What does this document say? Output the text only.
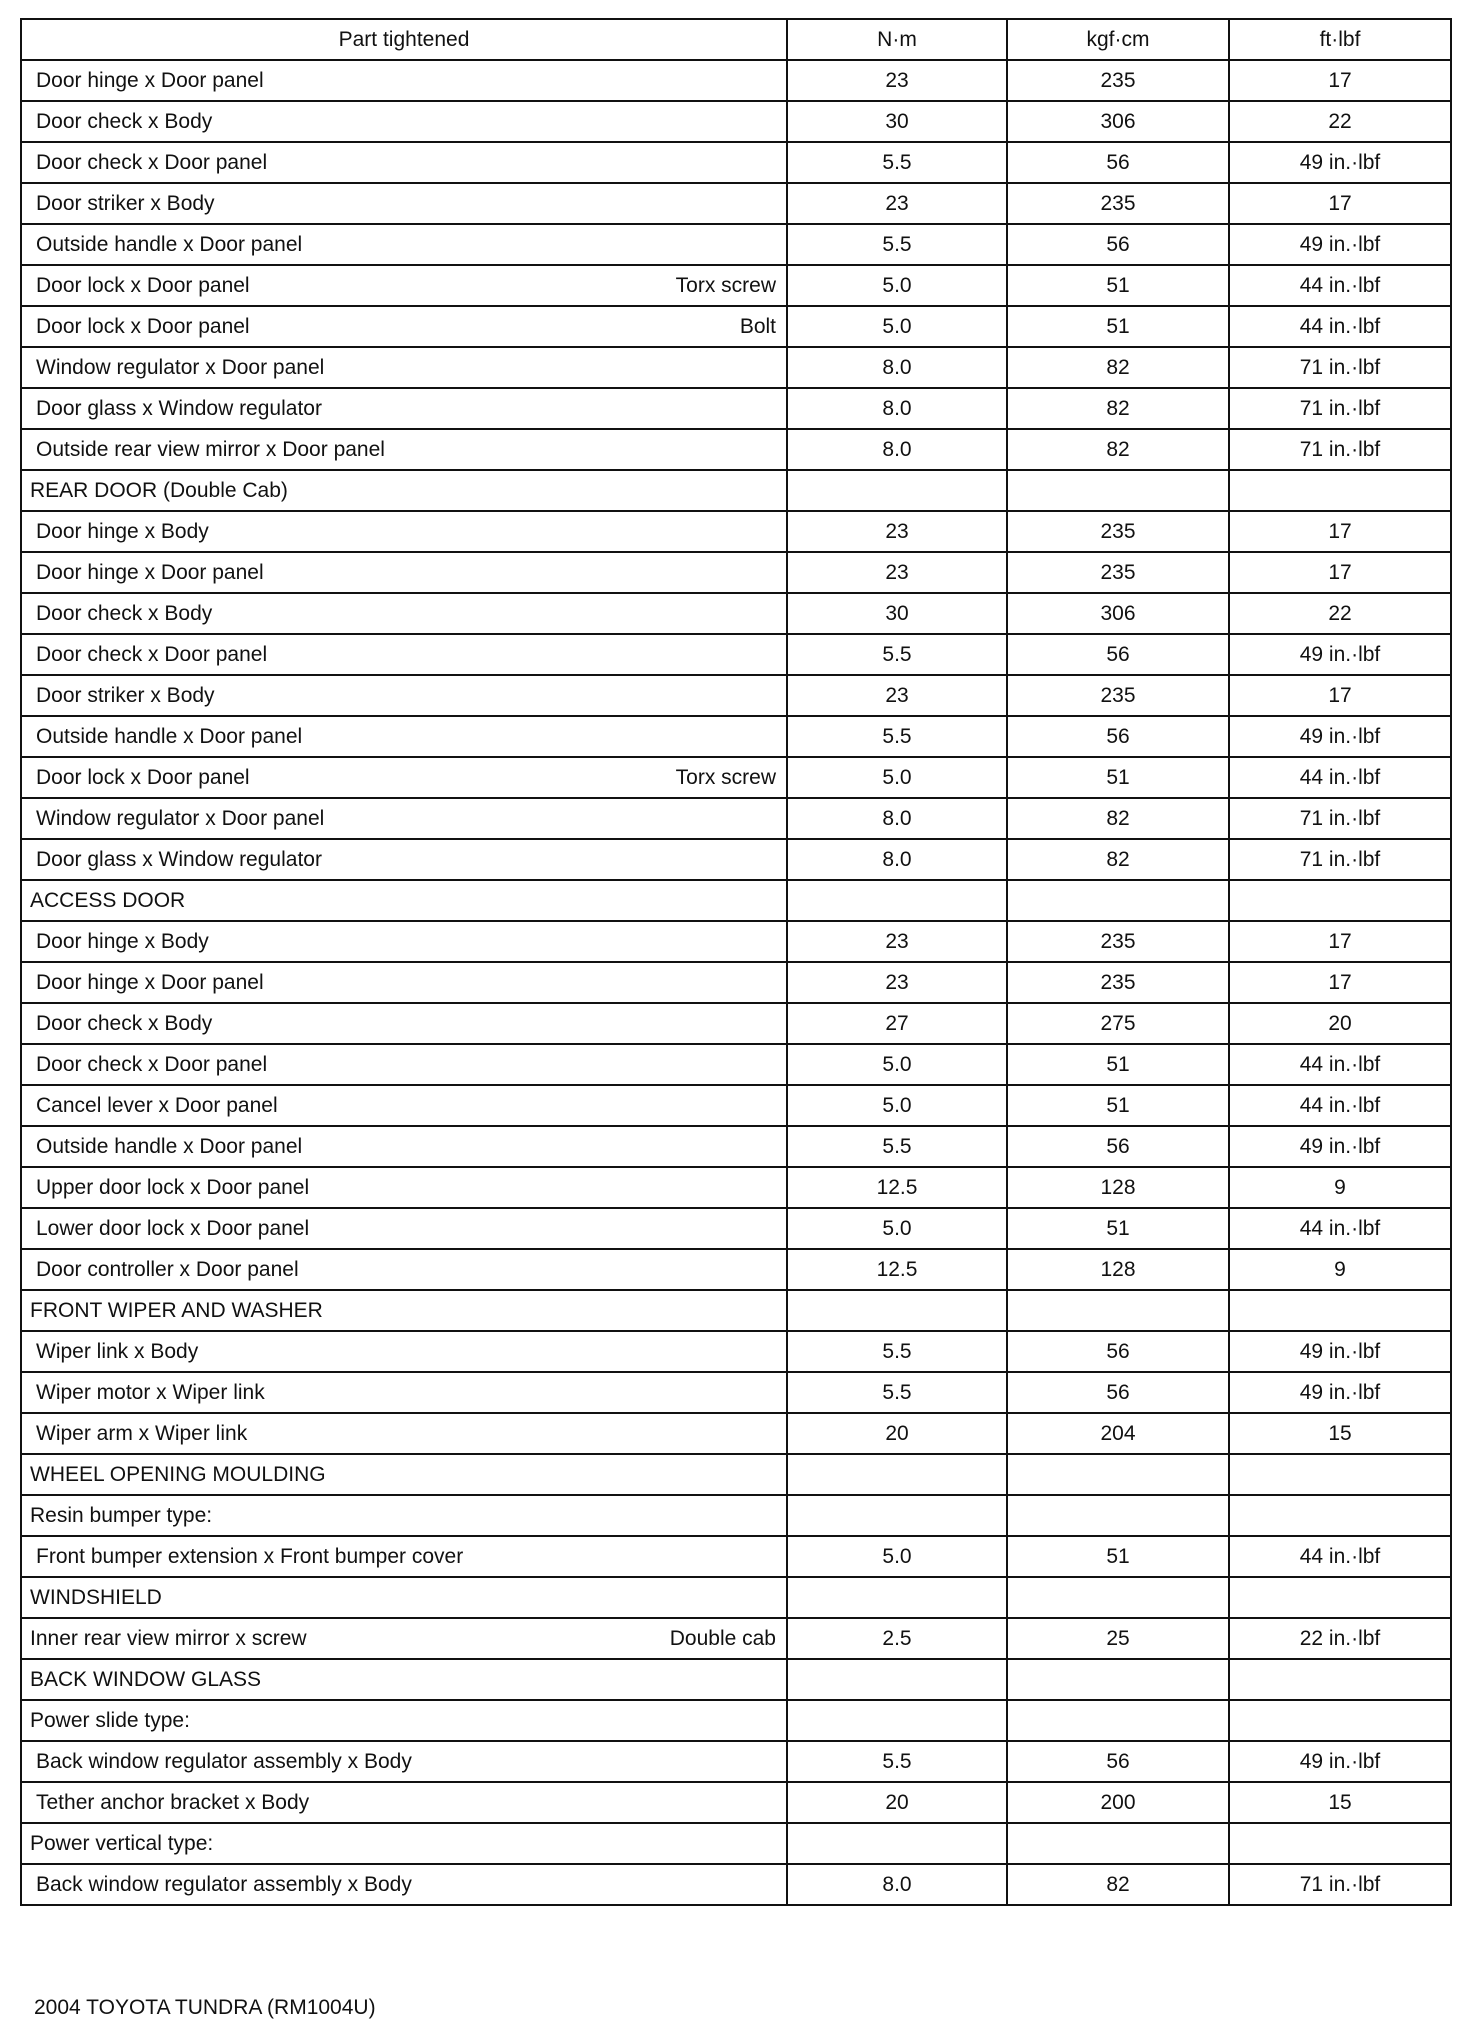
Part tightened	N·m	kgf·cm	ft·lbf

Door hinge x Door panel	23	235	17

Door check x Body	30	306	22

Door check x Door panel	5.5	56	49 in.·lbf

Door striker x Body	23	235	17

Outside handle x Door panel	5.5	56	49 in.·lbf

Door lock x Door panel Torx screw	5.0	51	44 in.·lbf

Door lock x Door panel Bolt	5.0	51	44 in.·lbf

Window regulator x Door panel	8.0	82	71 in.·lbf

Door glass x Window regulator	8.0	82	71 in.·lbf

Outside rear view mirror x Door panel	8.0	82	71 in.·lbf

REAR DOOR (Double Cab)			

Door hinge x Body	23	235	17

Door hinge x Door panel	23	235	17

Door check x Body	30	306	22

Door check x Door panel	5.5	56	49 in.·lbf

Door striker x Body	23	235	17

Outside handle x Door panel	5.5	56	49 in.·lbf

Door lock x Door panel Torx screw	5.0	51	44 in.·lbf

Window regulator x Door panel	8.0	82	71 in.·lbf

Door glass x Window regulator	8.0	82	71 in.·lbf

ACCESS DOOR			

Door hinge x Body	23	235	17

Door hinge x Door panel	23	235	17

Door check x Body	27	275	20

Door check x Door panel	5.0	51	44 in.·lbf

Cancel lever x Door panel	5.0	51	44 in.·lbf

Outside handle x Door panel	5.5	56	49 in.·lbf

Upper door lock x Door panel	12.5	128	9

Lower door lock x Door panel	5.0	51	44 in.·lbf

Door controller x Door panel	12.5	128	9

FRONT WIPER AND WASHER			

Wiper link x Body	5.5	56	49 in.·lbf

Wiper motor x Wiper link	5.5	56	49 in.·lbf

Wiper arm x Wiper link	20	204	15

WHEEL OPENING MOULDING			

Resin bumper type:			

Front bumper extension x Front bumper cover	5.0	51	44 in.·lbf

WINDSHIELD			

Inner rear view mirror x screw Double cab	2.5	25	22 in.·lbf

BACK WINDOW GLASS			

Power slide type:			

Back window regulator assembly x Body	5.5	56	49 in.·lbf

Tether anchor bracket x Body	20	200	15

Power vertical type:			

Back window regulator assembly x Body	8.0	82	71 in.·lbf
2004 TOYOTA TUNDRA (RM1004U)
